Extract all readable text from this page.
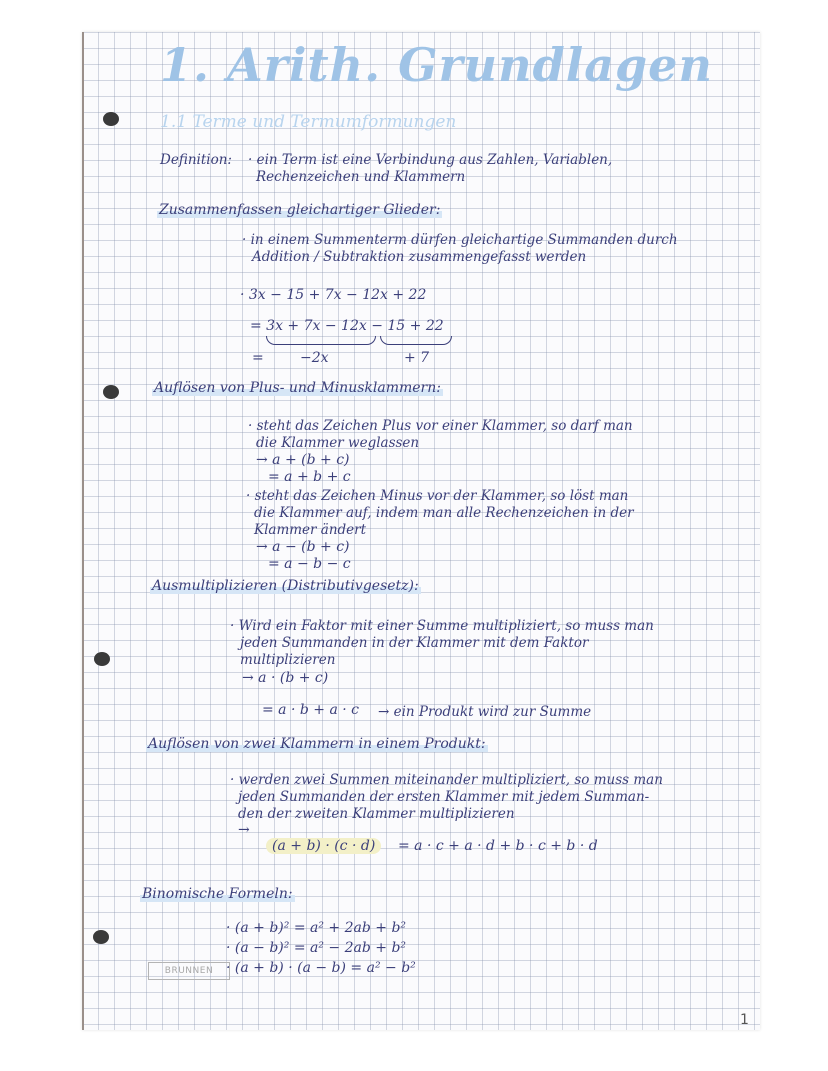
1. Arith. Grundlagen
1.1 Terme und Termumformungen
Definition: · ein Term ist eine Verbindung aus Zahlen, Variablen,
Rechenzeichen und Klammern
Zusammenfassen gleichartiger Glieder:
· in einem Summenterm dürfen gleichartige Summanden durch
Addition / Subtraktion zusammengefasst werden
· 3x − 15 + 7x − 12x + 22
= 3x + 7x − 12x − 15 + 22
=	−2x	+ 7
Auflösen von Plus- und Minusklammern:
· steht das Zeichen Plus vor einer Klammer, so darf man
die Klammer weglassen
→ a + (b + c)
= a + b + c
· steht das Zeichen Minus vor der Klammer, so löst man
die Klammer auf, indem man alle Rechenzeichen in der
Klammer ändert
→ a − (b + c)
= a − b − c
Ausmultiplizieren (Distributivgesetz):
· Wird ein Faktor mit einer Summe multipliziert, so muss man
jeden Summanden in der Klammer mit dem Faktor
multiplizieren
→ a · (b + c)
= a · b + a · c → ein Produkt wird zur Summe
Auflösen von zwei Klammern in einem Produkt:
· werden zwei Summen miteinander multipliziert, so muss man
jeden Summanden der ersten Klammer mit jedem Summan-
den der zweiten Klammer multiplizieren
→
(a + b) · (c · d)	= a · c + a · d + b · c + b · d
Binomische Formeln:
· (a + b)² = a² + 2ab + b²
· (a − b)² = a² − 2ab + b²
· (a + b) · (a − b) = a² − b²
BRUNNEN
1
